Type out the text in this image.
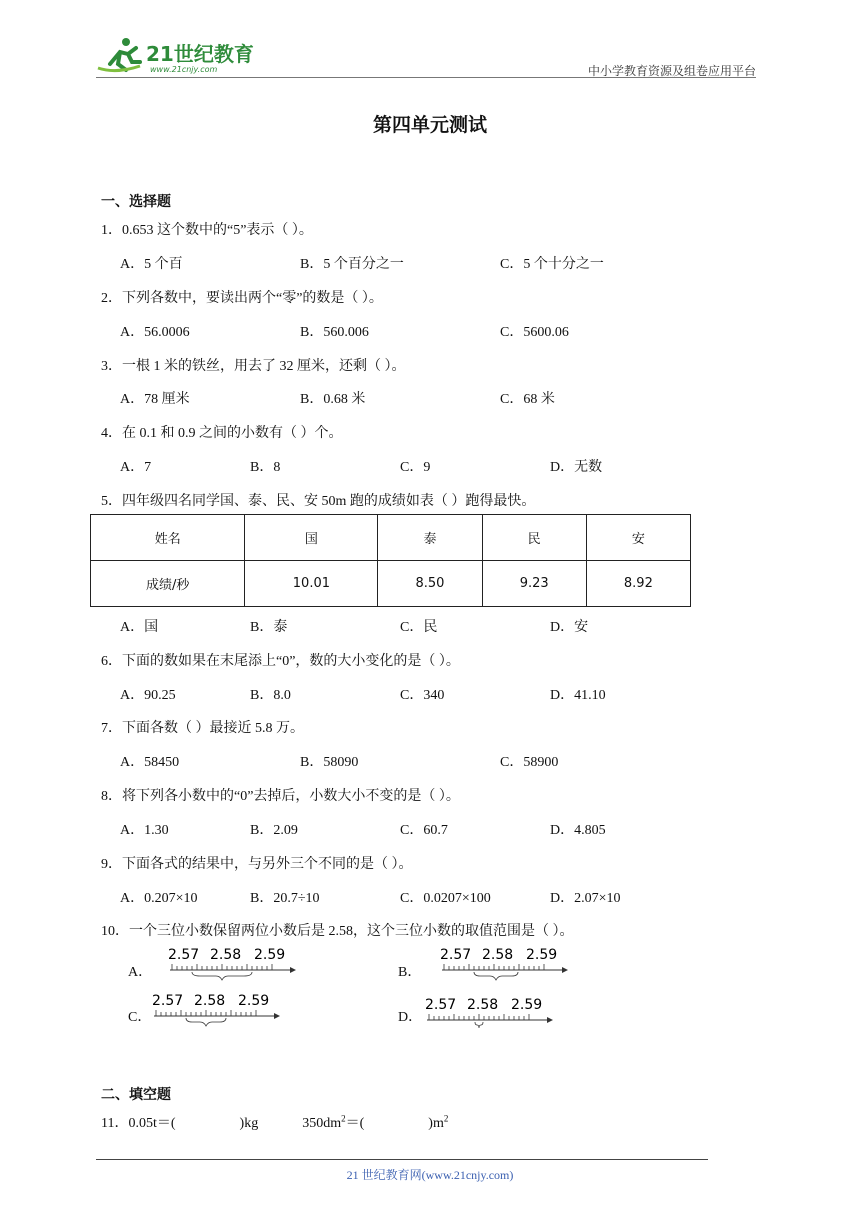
21世纪教育
www.21cnjy.com	中小学教育资源及组卷应用平台
第四单元测试
一、选择题
1．0.653 这个数中的“5”表示（ ）。
A．5 个百	B．5 个百分之一	C．5 个十分之一
2．下列各数中，要读出两个“零”的数是（ ）。
A．56.0006	B．560.006	C．5600.06
3．一根 1 米的铁丝，用去了 32 厘米，还剩（ ）。
A．78 厘米	B．0.68 米	C．68 米
4．在 0.1 和 0.9 之间的小数有（ ）个。
A．7	B．8	C．9	D．无数
5．四年级四名同学国、泰、民、安 50m 跑的成绩如表（ ）跑得最快。
姓名	国	泰	民	安
成绩/秒	10.01	8.50	9.23	8.92
A．国	B．泰	C．民	D．安
6．下面的数如果在末尾添上“0”，数的大小变化的是（ ）。
A．90.25	B．8.0	C．340	D．41.10
7．下面各数（ ）最接近 5.8 万。
A．58450	B．58090	C．58900
8．将下列各小数中的“0”去掉后，小数大小不变的是（ ）。
A．1.30	B．2.09	C．60.7	D．4.805
9．下面各式的结果中，与另外三个不同的是（ ）。
A．0.207×10	B．20.7÷10	C．0.0207×100	D．2.07×10
10．一个三位小数保留两位小数后是 2.58，这个三位小数的取值范围是（ ）。
A．
2.57 2.58 2.59
B．
2.57 2.58 2.59
C．
2.57 2.58 2.59
D．
2.57 2.58 2.59
二、填空题
11．0.05t＝(	)kg	$350dm^2=$(	)$m^2$
21 世纪教育网(www.21cnjy.com)
